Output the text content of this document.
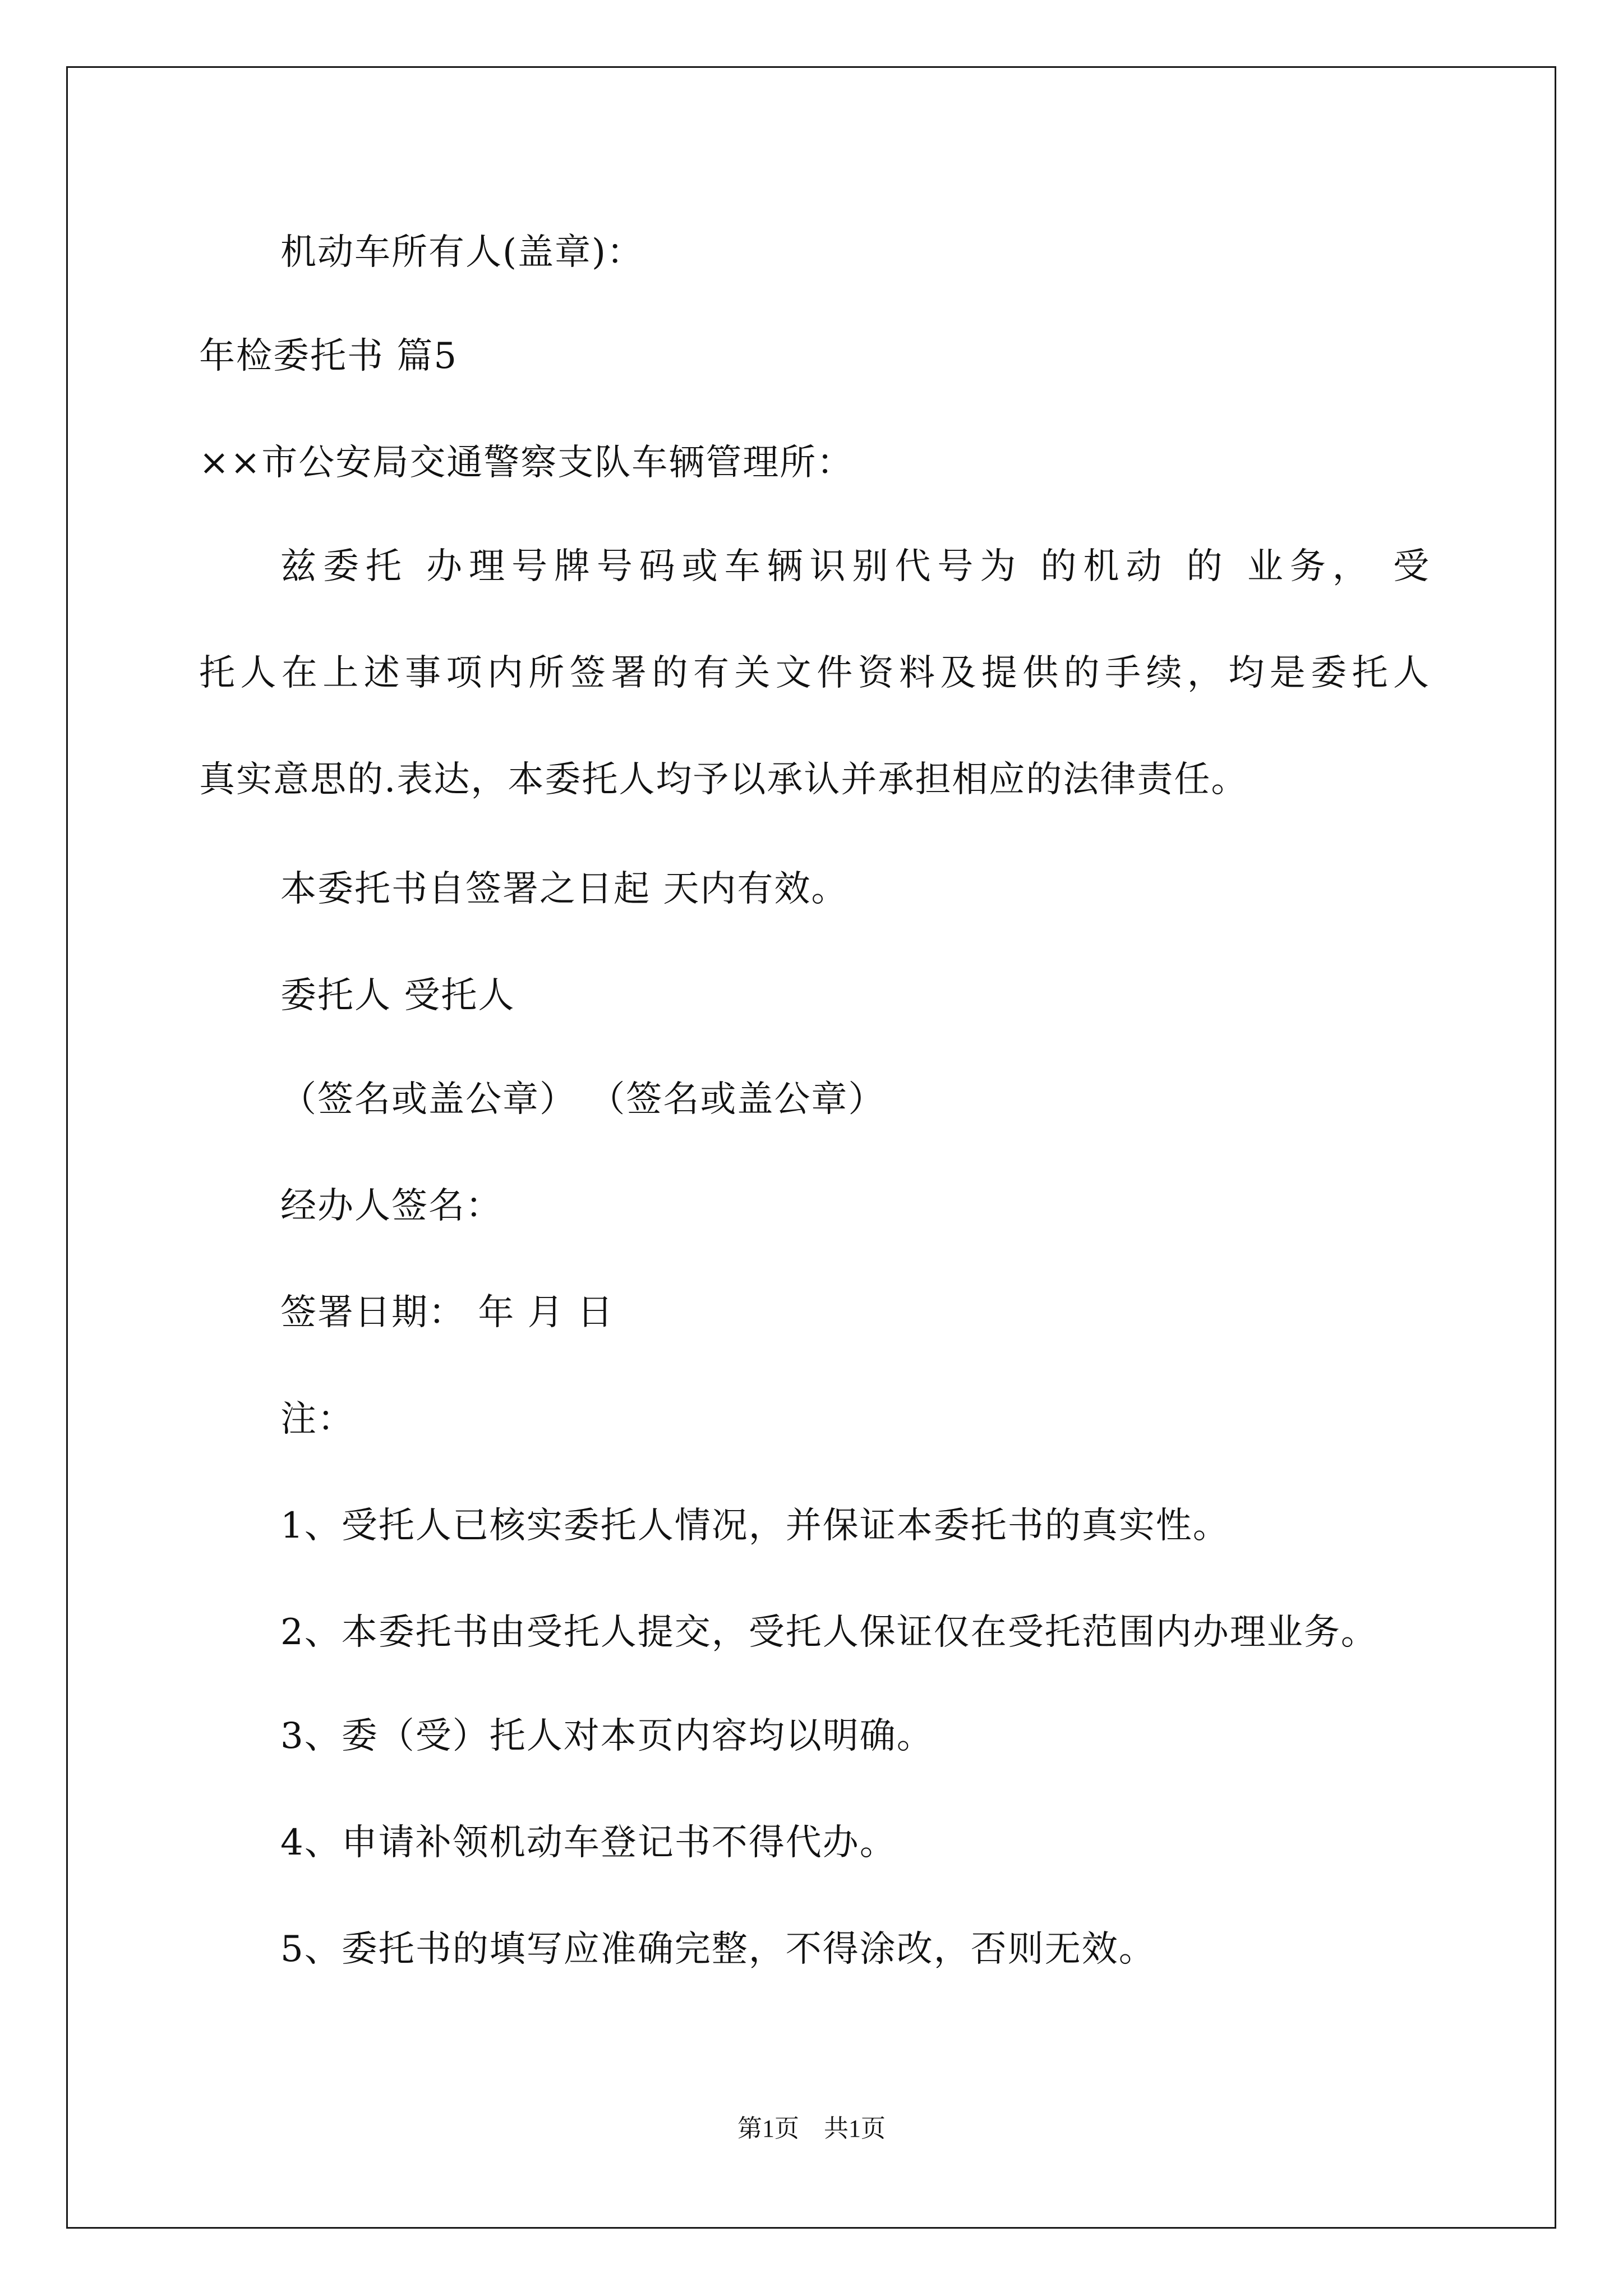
机动车所有人(盖章)：
年检委托书 篇5
××市公安局交通警察支队车辆管理所：
兹委托 办理号牌号码或车辆识别代号为 的机动 的 业务， 受
托人在上述事项内所签署的有关文件资料及提供的手续，均是委托人
真实意思的.表达，本委托人均予以承认并承担相应的法律责任。
本委托书自签署之日起 天内有效。
委托人 受托人
（签名或盖公章） （签名或盖公章）
经办人签名：
签署日期： 年 月 日
注：
1、受托人已核实委托人情况，并保证本委托书的真实性。
2、本委托书由受托人提交，受托人保证仅在受托范围内办理业务。
3、委（受）托人对本页内容均以明确。
4、申请补领机动车登记书不得代办。
5、委托书的填写应准确完整，不得涂改，否则无效。
第1页 共1页
